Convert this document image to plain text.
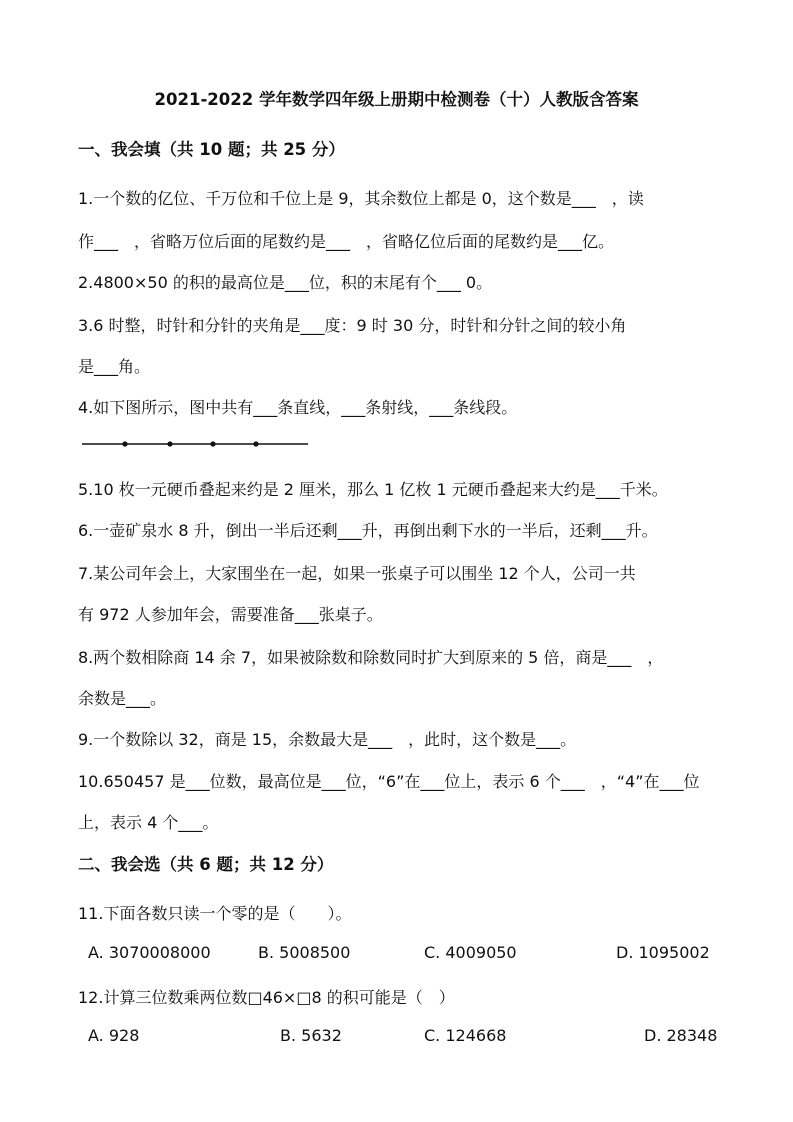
2021-2022 学年数学四年级上册期中检测卷（十）人教版含答案
一、我会填（共 10 题；共 25 分）

1.一个数的亿位、千万位和千位上是 9，其余数位上都是 0，这个数是___　，读

作___　，省略万位后面的尾数约是___　，省略亿位后面的尾数约是___亿。

2.4800×50 的积的最高位是___位，积的末尾有个___ 0。

3.6 时整，时针和分针的夹角是___度：9 时 30 分，时针和分针之间的较小角

是___角。

4.如下图所示，图中共有___条直线，___条射线，___条线段。

5.10 枚一元硬币叠起来约是 2 厘米，那么 1 亿枚 1 元硬币叠起来大约是___千米。

6.一壶矿泉水 8 升，倒出一半后还剩___升，再倒出剩下水的一半后，还剩___升。

7.某公司年会上，大家围坐在一起，如果一张桌子可以围坐 12 个人，公司一共

有 972 人参加年会，需要准备___张桌子。

8.两个数相除商 14 余 7，如果被除数和除数同时扩大到原来的 5 倍，商是___　，

余数是___。

9.一个数除以 32，商是 15，余数最大是___　，此时，这个数是___。

10.650457 是___位数，最高位是___位，“6”在___位上，表示 6 个___　，“4”在___位

上，表示 4 个___。

二、我会选（共 6 题；共 12 分）

11.下面各数只读一个零的是（　　）。

A. 3070008000	B. 5008500	C. 4009050	D. 1095002

12.计算三位数乘两位数□46×□8 的积可能是（　）

A. 928	B. 5632	C. 124668	D. 28348
